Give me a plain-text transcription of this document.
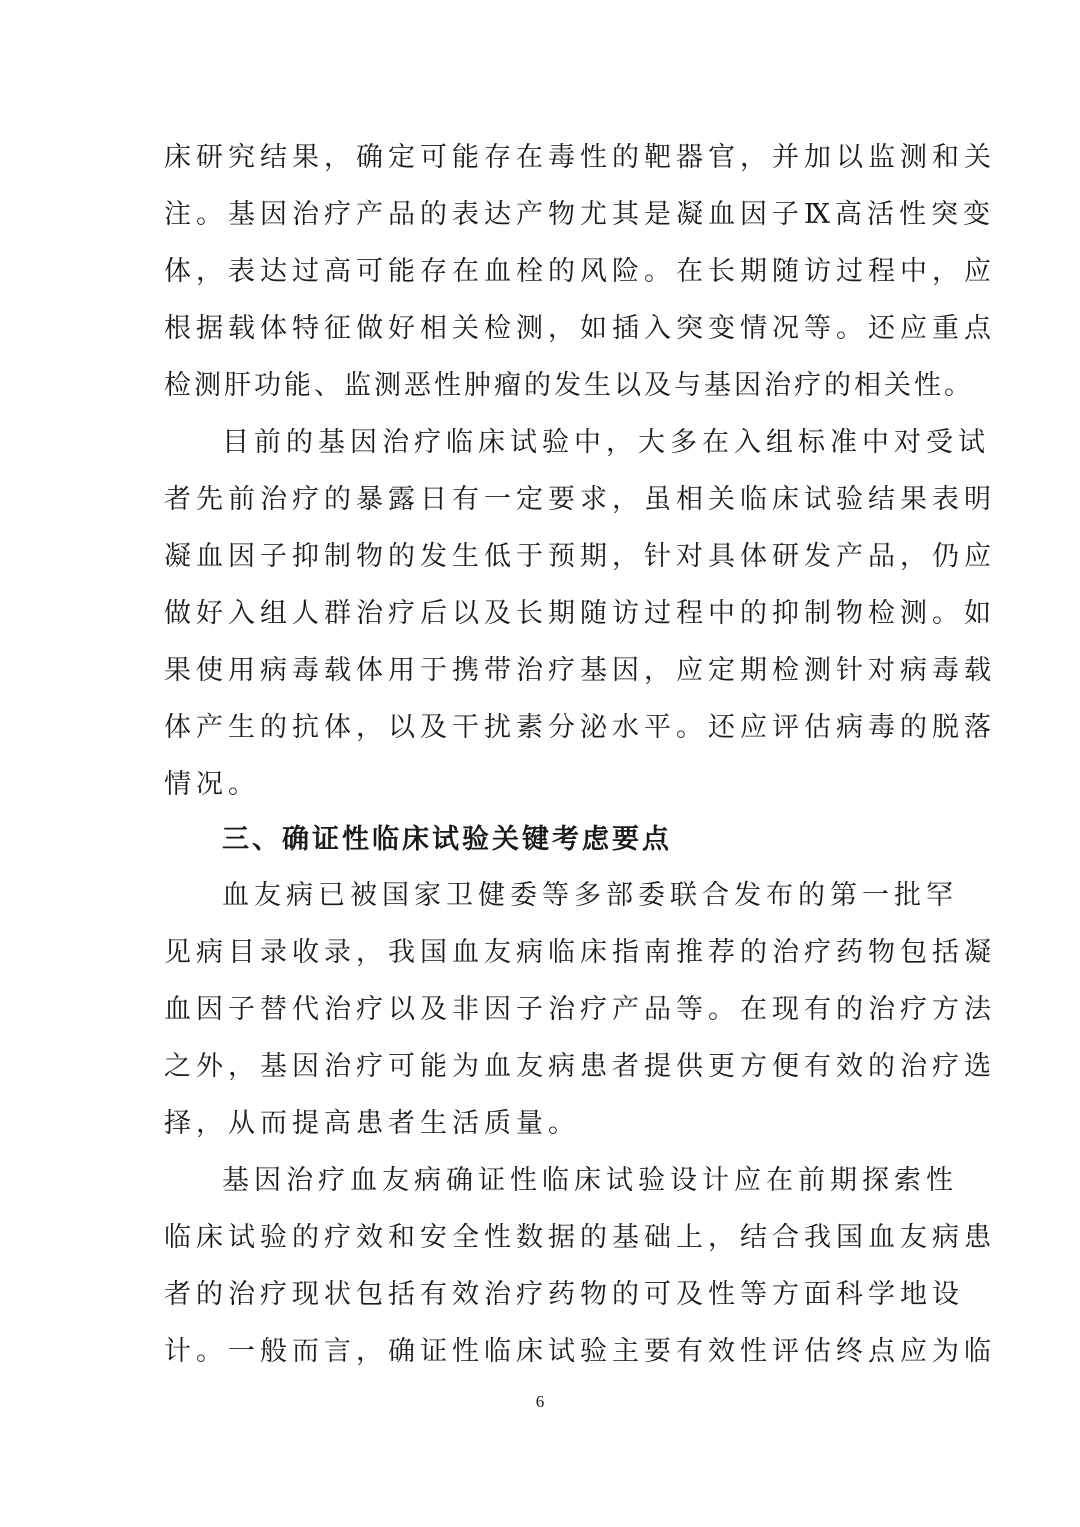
床研究结果，确定可能存在毒性的靶器官，并加以监测和关
注。基因治疗产品的表达产物尤其是凝血因子Ⅸ高活性突变
体，表达过高可能存在血栓的风险。在长期随访过程中，应
根据载体特征做好相关检测，如插入突变情况等。还应重点
检测肝功能、监测恶性肿瘤的发生以及与基因治疗的相关性。
目前的基因治疗临床试验中，大多在入组标准中对受试
者先前治疗的暴露日有一定要求，虽相关临床试验结果表明
凝血因子抑制物的发生低于预期，针对具体研发产品，仍应
做好入组人群治疗后以及长期随访过程中的抑制物检测。如
果使用病毒载体用于携带治疗基因，应定期检测针对病毒载
体产生的抗体，以及干扰素分泌水平。还应评估病毒的脱落
情况。
三、确证性临床试验关键考虑要点
血友病已被国家卫健委等多部委联合发布的第一批罕
见病目录收录，我国血友病临床指南推荐的治疗药物包括凝
血因子替代治疗以及非因子治疗产品等。在现有的治疗方法
之外，基因治疗可能为血友病患者提供更方便有效的治疗选
择，从而提高患者生活质量。
基因治疗血友病确证性临床试验设计应在前期探索性
临床试验的疗效和安全性数据的基础上，结合我国血友病患
者的治疗现状包括有效治疗药物的可及性等方面科学地设
计。一般而言，确证性临床试验主要有效性评估终点应为临
6
